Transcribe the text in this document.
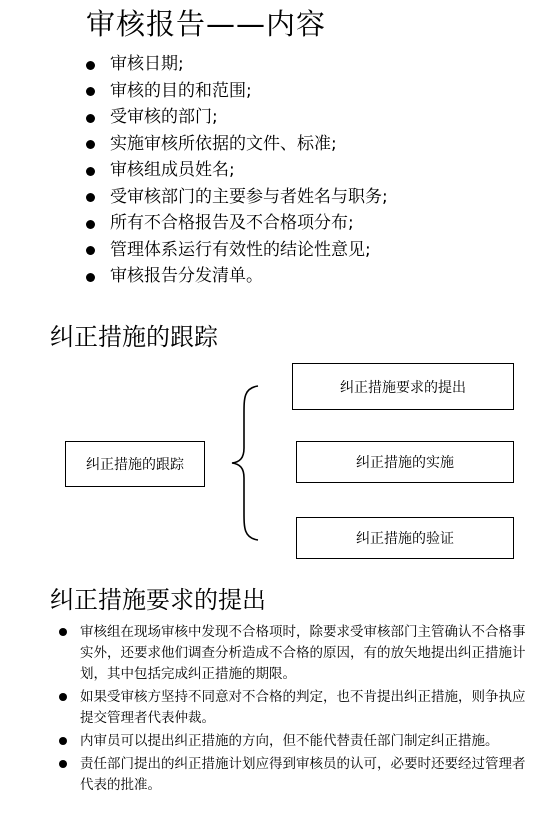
审核报告——内容
审核日期;
审核的目的和范围;
受审核的部门;
实施审核所依据的文件、标准;
审核组成员姓名;
受审核部门的主要参与者姓名与职务;
所有不合格报告及不合格项分布;
管理体系运行有效性的结论性意见;
审核报告分发清单。
纠正措施的跟踪
纠正措施的跟踪
纠正措施要求的提出
纠正措施的实施
纠正措施的验证
纠正措施要求的提出
审核组在现场审核中发现不合格项时，除要求受审核部门主管确认不合格事实外，还要求他们调查分析造成不合格的原因，有的放矢地提出纠正措施计划，其中包括完成纠正措施的期限。
如果受审核方坚持不同意对不合格的判定，也不肯提出纠正措施，则争执应提交管理者代表仲裁。
内审员可以提出纠正措施的方向，但不能代替责任部门制定纠正措施。
责任部门提出的纠正措施计划应得到审核员的认可，必要时还要经过管理者代表的批准。
